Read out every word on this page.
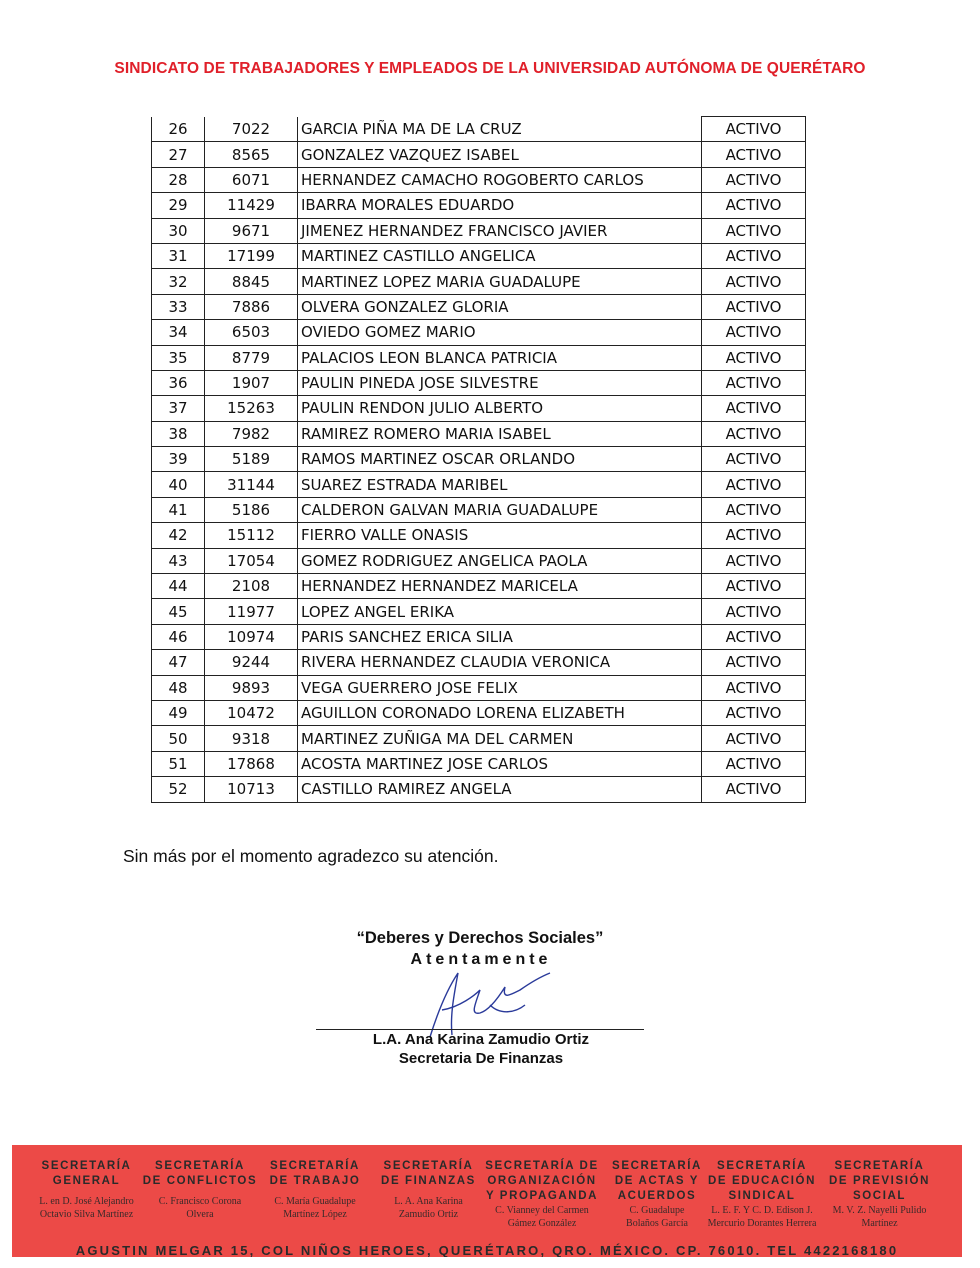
SINDICATO DE TRABAJADORES Y EMPLEADOS DE LA UNIVERSIDAD AUTÓNOMA DE QUERÉTARO
26	7022	GARCIA PIÑA MA DE LA CRUZ	ACTIVO
27	8565	GONZALEZ VAZQUEZ ISABEL	ACTIVO
28	6071	HERNANDEZ CAMACHO ROGOBERTO CARLOS	ACTIVO
29	11429	IBARRA MORALES EDUARDO	ACTIVO
30	9671	JIMENEZ HERNANDEZ FRANCISCO JAVIER	ACTIVO
31	17199	MARTINEZ CASTILLO ANGELICA	ACTIVO
32	8845	MARTINEZ LOPEZ MARIA GUADALUPE	ACTIVO
33	7886	OLVERA GONZALEZ GLORIA	ACTIVO
34	6503	OVIEDO GOMEZ MARIO	ACTIVO
35	8779	PALACIOS LEON BLANCA PATRICIA	ACTIVO
36	1907	PAULIN PINEDA JOSE SILVESTRE	ACTIVO
37	15263	PAULIN RENDON JULIO ALBERTO	ACTIVO
38	7982	RAMIREZ ROMERO MARIA ISABEL	ACTIVO
39	5189	RAMOS MARTINEZ OSCAR ORLANDO	ACTIVO
40	31144	SUAREZ ESTRADA MARIBEL	ACTIVO
41	5186	CALDERON GALVAN MARIA GUADALUPE	ACTIVO
42	15112	FIERRO VALLE ONASIS	ACTIVO
43	17054	GOMEZ RODRIGUEZ ANGELICA PAOLA	ACTIVO
44	2108	HERNANDEZ HERNANDEZ MARICELA	ACTIVO
45	11977	LOPEZ ANGEL ERIKA	ACTIVO
46	10974	PARIS SANCHEZ ERICA SILIA	ACTIVO
47	9244	RIVERA HERNANDEZ CLAUDIA VERONICA	ACTIVO
48	9893	VEGA GUERRERO JOSE FELIX	ACTIVO
49	10472	AGUILLON CORONADO LORENA ELIZABETH	ACTIVO
50	9318	MARTINEZ ZUÑIGA MA DEL CARMEN	ACTIVO
51	17868	ACOSTA MARTINEZ JOSE CARLOS	ACTIVO
52	10713	CASTILLO RAMIREZ ANGELA	ACTIVO
Sin más por el momento agradezco su atención.
“Deberes y Derechos Sociales”
Atentamente
L.A. Ana Karina Zamudio Ortiz
Secretaria De Finanzas
SECRETARÍA
GENERAL
L. en D. José Alejandro
Octavio Silva Martínez
SECRETARÍA
DE CONFLICTOS
C. Francisco Corona
Olvera
SECRETARÍA
DE TRABAJO
C. María Guadalupe
Martínez López
SECRETARÍA
DE FINANZAS
L. A. Ana Karina
Zamudio Ortiz
SECRETARÍA DE
ORGANIZACIÓN
Y PROPAGANDA
C. Vianney del Carmen
Gámez González
SECRETARÍA
DE ACTAS Y
ACUERDOS
C. Guadalupe
Bolaños García
SECRETARÍA
DE EDUCACIÓN
SINDICAL
L. E. F. Y C. D. Edison J.
Mercurio Dorantes Herrera
SECRETARÍA
DE PREVISIÓN
SOCIAL
M. V. Z. Nayelli Pulido
Martínez
AGUSTIN MELGAR 15, COL NIÑOS HEROES, QUERÉTARO, QRO. MÉXICO. CP. 76010. TEL 4422168180
